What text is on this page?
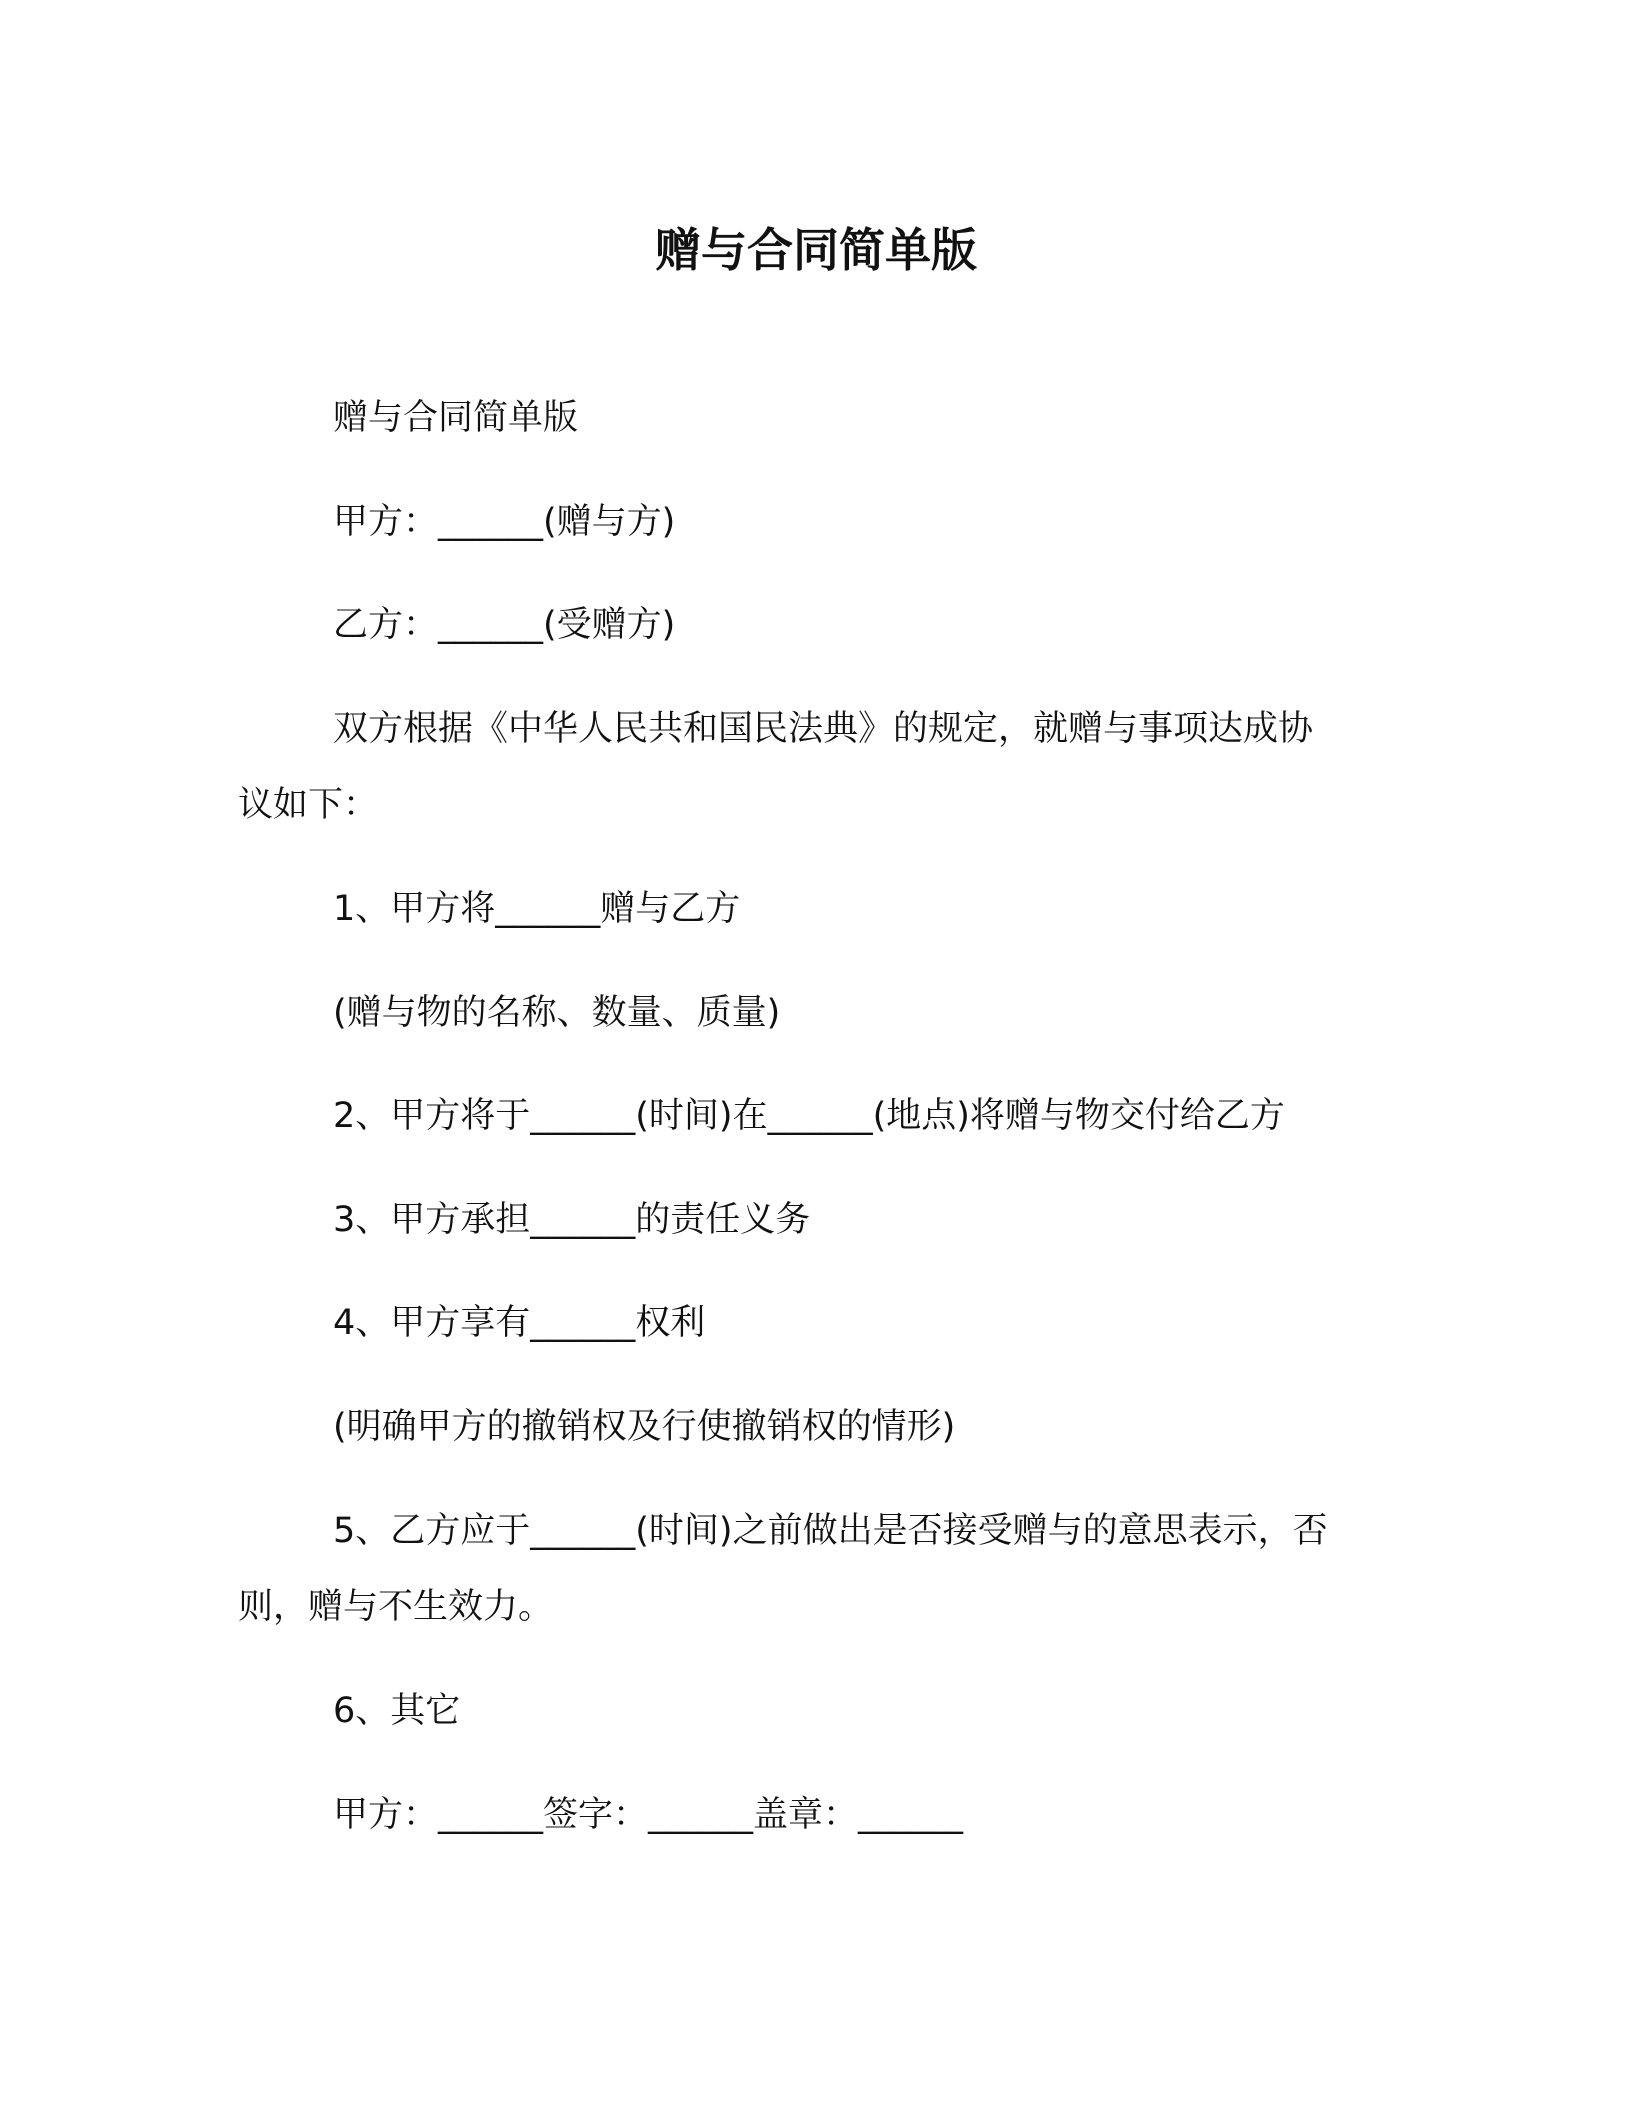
赠与合同简单版
赠与合同简单版
甲方：______(赠与方)
乙方：______(受赠方)
双方根据《中华人民共和国民法典》的规定，就赠与事项达成协
议如下：
1、甲方将______赠与乙方
(赠与物的名称、数量、质量)
2、甲方将于______(时间)在______(地点)将赠与物交付给乙方
3、甲方承担______的责任义务
4、甲方享有______权利
(明确甲方的撤销权及行使撤销权的情形)
5、乙方应于______(时间)之前做出是否接受赠与的意思表示，否
则，赠与不生效力。
6、其它
甲方：______签字：______盖章：______
